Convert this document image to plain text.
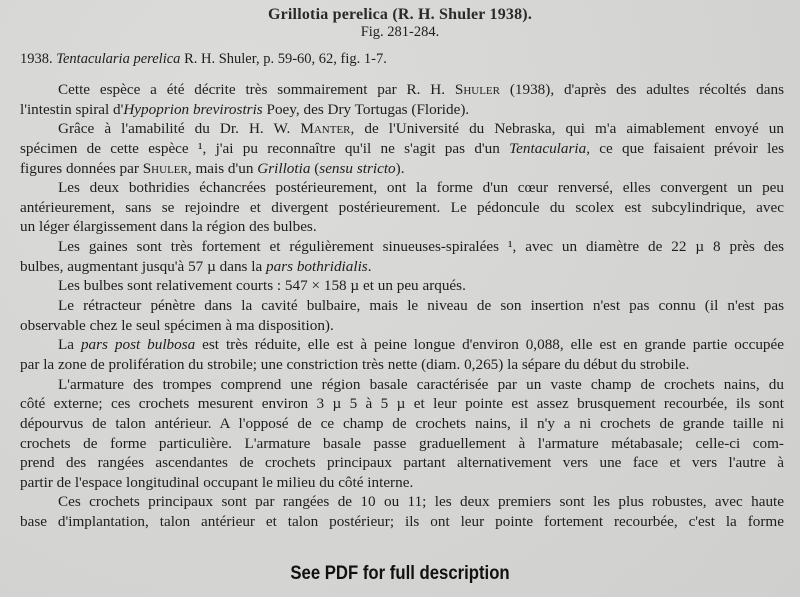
Grillotia perelica (R. H. Shuler 1938).
Fig. 281-284.
1938. Tentacularia perelica R. H. Shuler, p. 59-60, 62, fig. 1-7.
Cette espèce a été décrite très sommairement par R. H. Shuler (1938), d'après des adultes récoltés dans
l'intestin spiral d'Hypoprion brevirostris Poey, des Dry Tortugas (Floride).
Grâce à l'amabilité du Dr. H. W. Manter, de l'Université du Nebraska, qui m'a aimablement envoyé un
spécimen de cette espèce ¹, j'ai pu reconnaître qu'il ne s'agit pas d'un Tentacularia, ce que faisaient prévoir les
figures données par Shuler, mais d'un Grillotia (sensu stricto).
Les deux bothridies échancrées postérieurement, ont la forme d'un cœur renversé, elles convergent un peu
antérieurement, sans se rejoindre et divergent postérieurement. Le pédoncule du scolex est subcylindrique, avec
un léger élargissement dans la région des bulbes.
Les gaines sont très fortement et régulièrement sinueuses-spiralées ¹, avec un diamètre de 22 µ 8 près des
bulbes, augmentant jusqu'à 57 µ dans la pars bothridialis.
Les bulbes sont relativement courts : 547 × 158 µ et un peu arqués.
Le rétracteur pénètre dans la cavité bulbaire, mais le niveau de son insertion n'est pas connu (il n'est pas
observable chez le seul spécimen à ma disposition).
La pars post bulbosa est très réduite, elle est à peine longue d'environ 0,088, elle est en grande partie occupée
par la zone de prolifération du strobile; une constriction très nette (diam. 0,265) la sépare du début du strobile.
L'armature des trompes comprend une région basale caractérisée par un vaste champ de crochets nains, du
côté externe; ces crochets mesurent environ 3 µ 5 à 5 µ et leur pointe est assez brusquement recourbée, ils sont
dépourvus de talon antérieur. A l'opposé de ce champ de crochets nains, il n'y a ni crochets de grande taille ni
crochets de forme particulière. L'armature basale passe graduellement à l'armature métabasale; celle-ci com-
prend des rangées ascendantes de crochets principaux partant alternativement vers une face et vers l'autre à
partir de l'espace longitudinal occupant le milieu du côté interne.
Ces crochets principaux sont par rangées de 10 ou 11; les deux premiers sont les plus robustes, avec haute
base d'implantation, talon antérieur et talon postérieur; ils ont leur pointe fortement recourbée, c'est la forme
See PDF for full description
